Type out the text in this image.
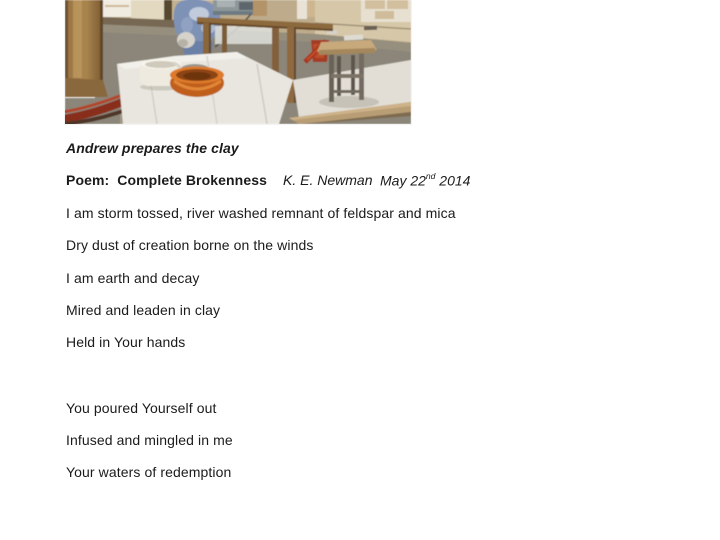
Andrew prepares the clay
Poem:  Complete Brokenness K. E. Newman May 22nd 2014
I am storm tossed, river washed remnant of feldspar and mica
Dry dust of creation borne on the winds
I am earth and decay
Mired and leaden in clay
Held in Your hands
You poured Yourself out
Infused and mingled in me
Your waters of redemption
